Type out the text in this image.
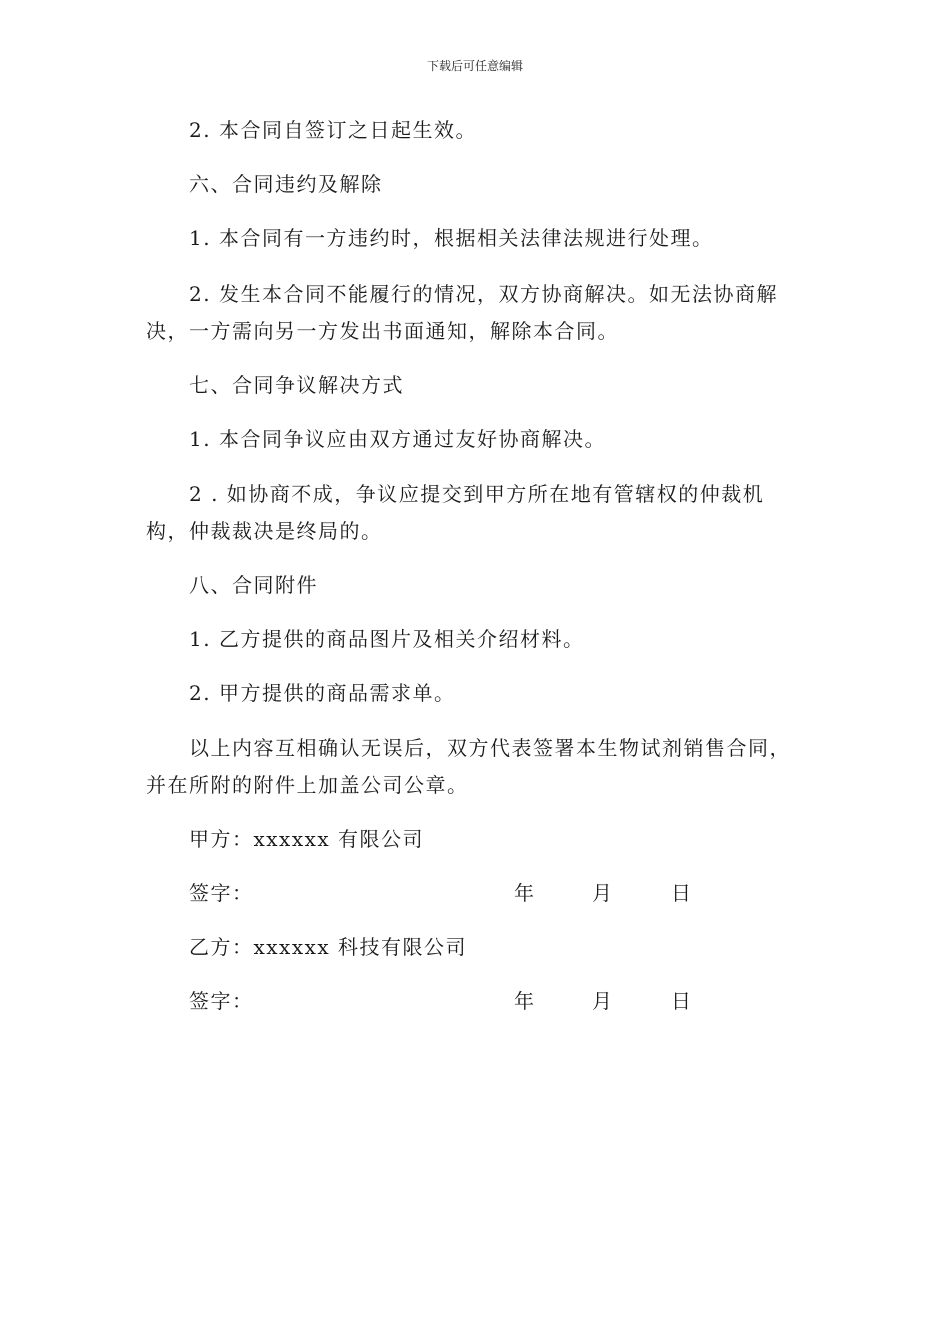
下载后可任意编辑
2. 本合同自签订之日起生效。
六、合同违约及解除
1. 本合同有一方违约时，根据相关法律法规进行处理。
2. 发生本合同不能履行的情况，双方协商解决。如无法协商解
决，一方需向另一方发出书面通知，解除本合同。
七、合同争议解决方式
1. 本合同争议应由双方通过友好协商解决。
2 . 如协商不成，争议应提交到甲方所在地有管辖权的仲裁机
构，仲裁裁决是终局的。
八、合同附件
1. 乙方提供的商品图片及相关介绍材料。
2. 甲方提供的商品需求单。
以上内容互相确认无误后，双方代表签署本生物试剂销售合同，
并在所附的附件上加盖公司公章。
甲方：xxxxxx 有限公司
签字：	年	月	日
乙方：xxxxxx 科技有限公司
签字：	年	月	日
